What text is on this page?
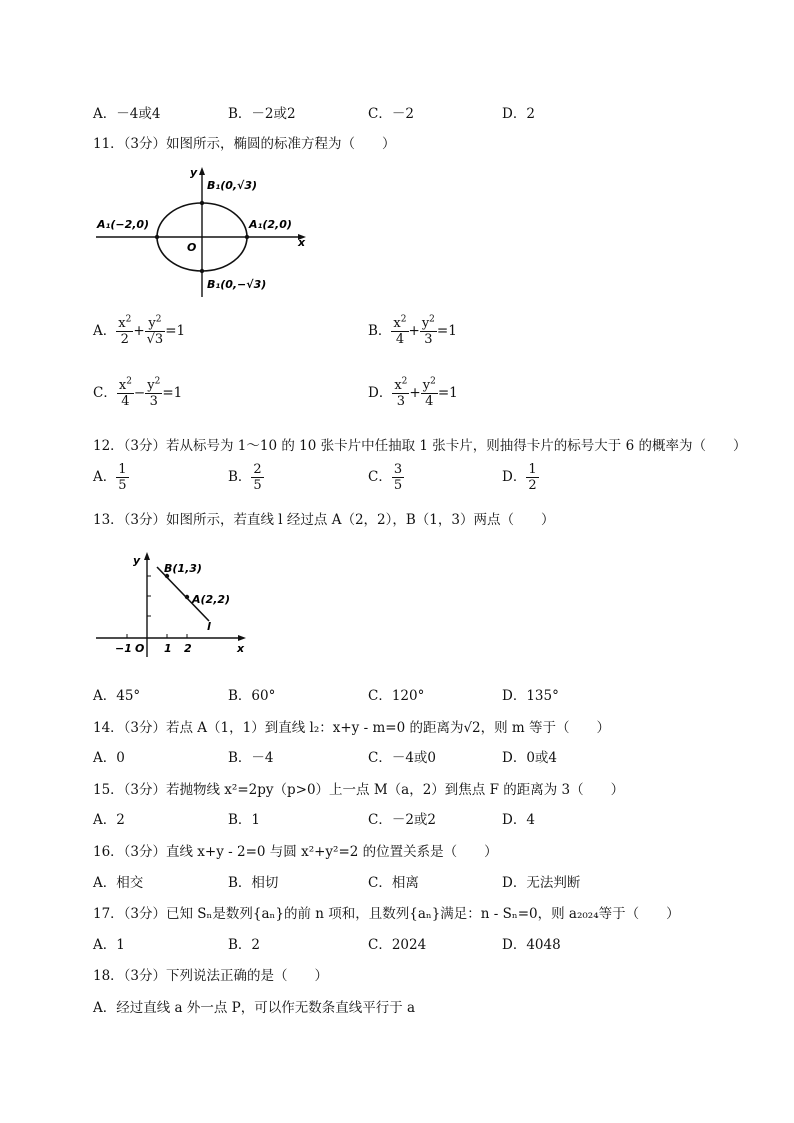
A．－4或4	B．－2或2	C．－2	D．2
11．（3分）如图所示，椭圆的标准方程为（　　）
y
x
O
A₁(−2,0)	A₁(2,0)
B₁(0,√3)
B₁(0,−√3)
A． $\frac{x^2}{2} + \frac{y^2}{√3} =1$	B． $\frac{x^2}{4} + \frac{y^2}{3} =1$
C． $\frac{x^2}{4} - \frac{y^2}{3} =1$	D． $\frac{x^2}{3} + \frac{y^2}{4} =1$
12．（3分）若从标号为 1～10 的 10 张卡片中任抽取 1 张卡片，则抽得卡片的标号大于 6 的概率为（　　）
A． $\frac{1}{5}$	B． $\frac{2}{5}$	C． $\frac{3}{5}$	D． $\frac{1}{2}$
13．（3分）如图所示，若直线 l 经过点 A（2，2），B（1，3）两点（　　）
y
x
O
−1	1 2
B(1,3)
A(2,2)
l
A．45°	B．60°	C．120°	D．135°
14．（3分）若点 A（1，1）到直线 l₂：x+y - m=0 的距离为√2，则 m 等于（　　）
A．0	B．－4	C．－4或0	D．0或4
15．（3分）若抛物线 x²=2py（p>0）上一点 M（a，2）到焦点 F 的距离为 3（　　）
A．2	B．1	C．－2或2	D．4
16．（3分）直线 x+y - 2=0 与圆 x²+y²=2 的位置关系是（　　）
A．相交	B．相切	C．相离	D．无法判断
17．（3分）已知 Sₙ是数列{aₙ}的前 n 项和，且数列{aₙ}满足：n - Sₙ=0，则 a₂₀₂₄等于（　　）
A．1	B．2	C．2024	D．4048
18．（3分）下列说法正确的是（　　）
A．经过直线 a 外一点 P，可以作无数条直线平行于 a
